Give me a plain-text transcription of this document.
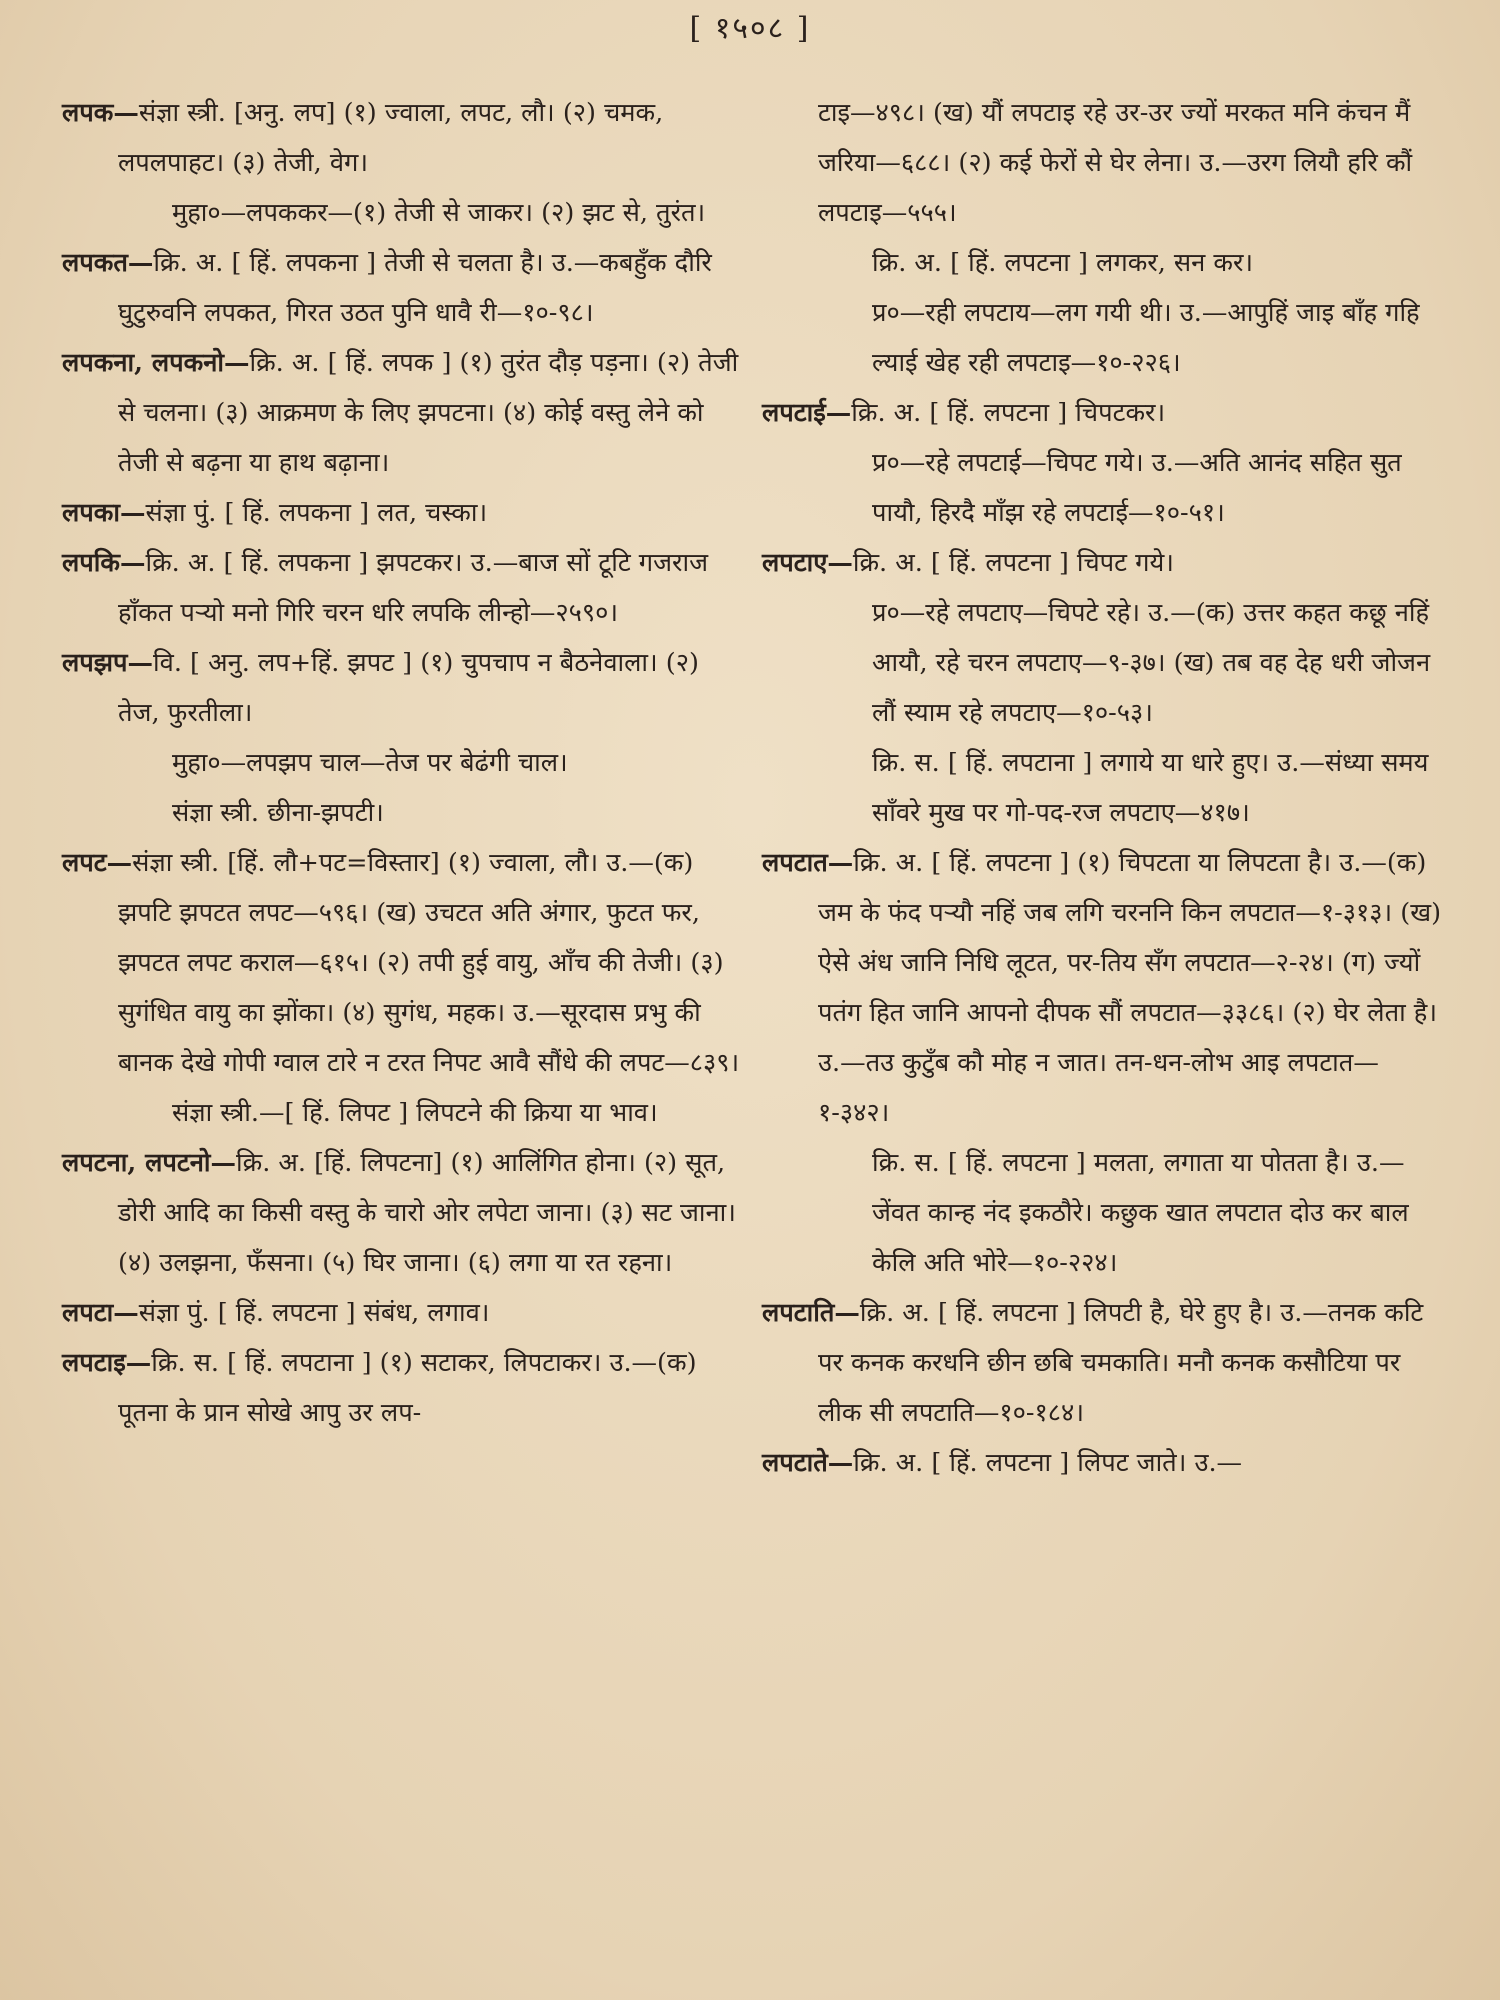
[ १५०८ ]

लपक—संज्ञा स्त्री. [अनु. लप] (१) ज्वाला, लपट, लौ। (२) चमक, लपलपाहट। (३) तेजी, वेग।

मुहा०—लपककर—(१) तेजी से जाकर। (२) झट से, तुरंत।

लपकत—क्रि. अ. [ हिं. लपकना ] तेजी से चलता है। उ.—कबहुँक दौरि घुटुरुवनि लपकत, गिरत उठत पुनि धावै री—१०-९८।

लपकना, लपकनो—क्रि. अ. [ हिं. लपक ] (१) तुरंत दौड़ पड़ना। (२) तेजी से चलना। (३) आक्रमण के लिए झपटना। (४) कोई वस्तु लेने को तेजी से बढ़ना या हाथ बढ़ाना।

लपका—संज्ञा पुं. [ हिं. लपकना ] लत, चस्का।

लपकि—क्रि. अ. [ हिं. लपकना ] झपटकर। उ.—बाज सों टूटि गजराज हाँकत पर्‍यो मनो गिरि चरन धरि लपकि लीन्हो—२५९०।

लपझप—वि. [ अनु. लप+हिं. झपट ] (१) चुपचाप न बैठनेवाला। (२) तेज, फुरतीला।

मुहा०—लपझप चाल—तेज पर बेढंगी चाल।

संज्ञा स्त्री. छीना-झपटी।

लपट—संज्ञा स्त्री. [हिं. लौ+पट=विस्तार] (१) ज्वाला, लौ। उ.—(क) झपटि झपटत लपट—५९६। (ख) उचटत अति अंगार, फुटत फर, झपटत लपट कराल—६१५। (२) तपी हुई वायु, आँच की तेजी। (३) सुगंधित वायु का झोंका। (४) सुगंध, महक। उ.—सूरदास प्रभु की बानक देखे गोपी ग्वाल टारे न टरत निपट आवै सौंधे की लपट—८३९।

संज्ञा स्त्री.—[ हिं. लिपट ] लिपटने की क्रिया या भाव।

लपटना, लपटनो—क्रि. अ. [हिं. लिपटना] (१) आलिंगित होना। (२) सूत, डोरी आदि का किसी वस्तु के चारो ओर लपेटा जाना। (३) सट जाना। (४) उलझना, फँसना। (५) घिर जाना। (६) लगा या रत रहना।

लपटा—संज्ञा पुं. [ हिं. लपटना ] संबंध, लगाव।

लपटाइ—क्रि. स. [ हिं. लपटाना ] (१) सटाकर, लिपटाकर। उ.—(क) पूतना के प्रान सोखे आपु उर लप-

टाइ—४९८। (ख) यौं लपटाइ रहे उर-उर ज्यों मरकत मनि कंचन मैं जरिया—६८८। (२) कई फेरों से घेर लेना। उ.—उरग लियौ हरि कौं लपटाइ—५५५।

क्रि. अ. [ हिं. लपटना ] लगकर, सन कर।

प्र०—रही लपटाय—लग गयी थी। उ.—आपुहिं जाइ बाँह गहि ल्याई खेह रही लपटाइ—१०-२२६।

लपटाई—क्रि. अ. [ हिं. लपटना ] चिपटकर।

प्र०—रहे लपटाई—चिपट गये। उ.—अति आनंद सहित सुत पायौ, हिरदै माँझ रहे लपटाई—१०-५१।

लपटाए—क्रि. अ. [ हिं. लपटना ] चिपट गये।

प्र०—रहे लपटाए—चिपटे रहे। उ.—(क) उत्तर कहत कछू नहिं आयौ, रहे चरन लपटाए—९-३७। (ख) तब वह देह धरी जोजन लौं स्याम रहे लपटाए—१०-५३।

क्रि. स. [ हिं. लपटाना ] लगाये या धारे हुए। उ.—संध्या समय साँवरे मुख पर गो-पद-रज लपटाए—४१७।

लपटात—क्रि. अ. [ हिं. लपटना ] (१) चिपटता या लिपटता है। उ.—(क) जम के फंद पर्‍यौ नहिं जब लगि चरननि किन लपटात—१-३१३। (ख) ऐसे अंध जानि निधि लूटत, पर-तिय सँग लपटात—२-२४। (ग) ज्यों पतंग हित जानि आपनो दीपक सौं लपटात—३३८६। (२) घेर लेता है। उ.—तउ कुटुँब कौ मोह न जात। तन-धन-लोभ आइ लपटात—१-३४२।

क्रि. स. [ हिं. लपटना ] मलता, लगाता या पोतता है। उ.—जेंवत कान्ह नंद इकठौरे। कछुक खात लपटात दोउ कर बाल केलि अति भोरे—१०-२२४।

लपटाति—क्रि. अ. [ हिं. लपटना ] लिपटी है, घेरे हुए है। उ.—तनक कटि पर कनक करधनि छीन छबि चमकाति। मनौ कनक कसौटिया पर लीक सी लपटाति—१०-१८४।

लपटाते—क्रि. अ. [ हिं. लपटना ] लिपट जाते। उ.—
